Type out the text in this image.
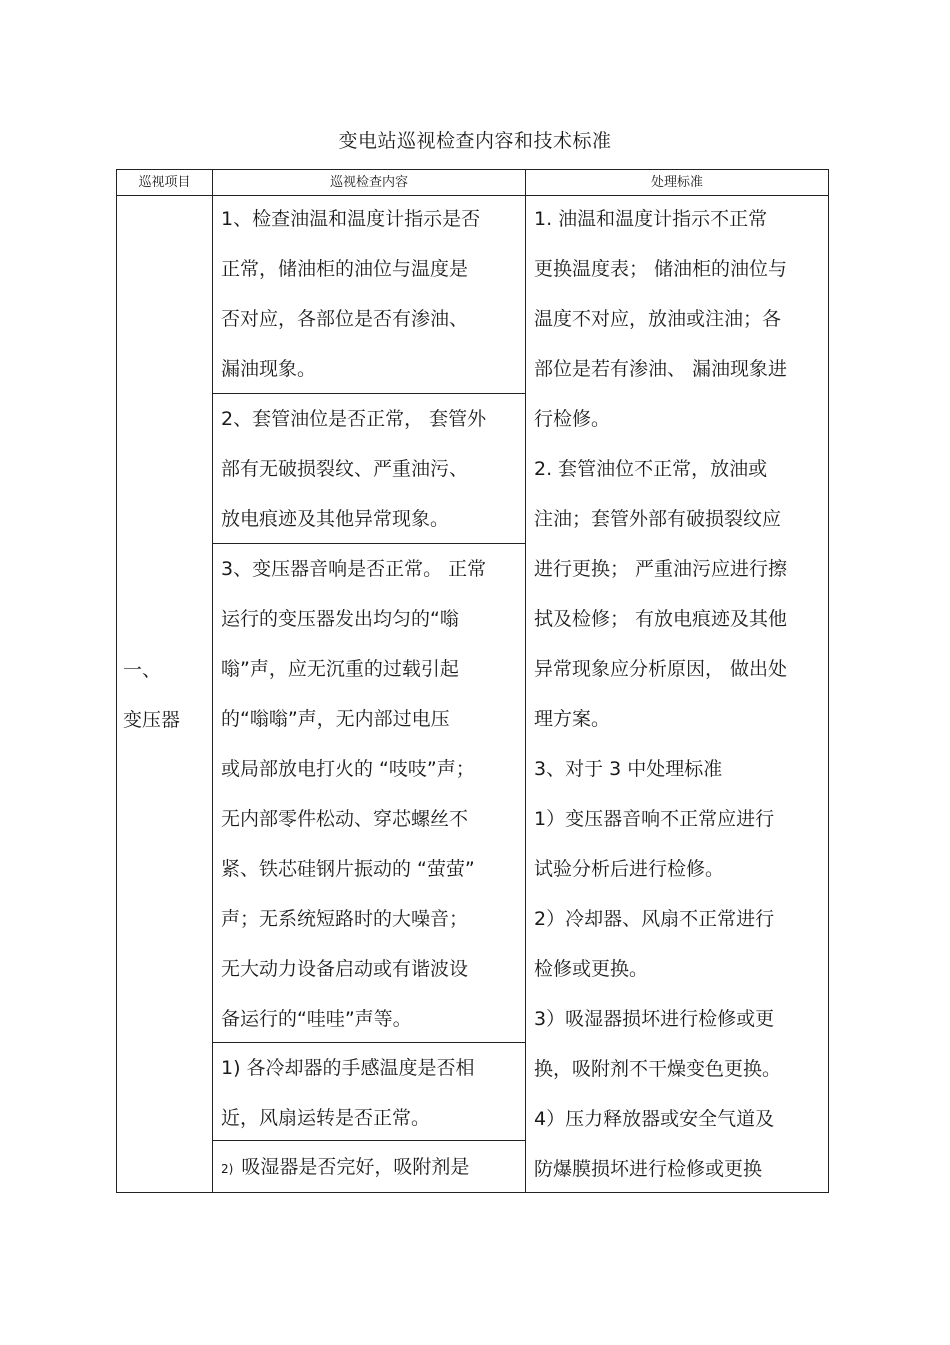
变电站巡视检查内容和技术标准
巡视项目	巡视检查内容	处理标准
一、
变压器
1、检查油温和温度计指示是否
正常，储油柜的油位与温度是
否对应，各部位是否有渗油、
漏油现象。
2、套管油位是否正常， 套管外
部有无破损裂纹、严重油污、
放电痕迹及其他异常现象。
3、变压器音响是否正常。 正常
运行的变压器发出均匀的“嗡
嗡”声，应无沉重的过载引起
的“嗡嗡”声，无内部过电压
或局部放电打火的 “吱吱”声；
无内部零件松动、穿芯螺丝不
紧、铁芯硅钢片振动的 “萤萤”
声；无系统短路时的大噪音；
无大动力设备启动或有谐波设
备运行的“哇哇”声等。
1) 各冷却器的手感温度是否相
近，风扇运转是否正常。
2) 吸湿器是否完好，吸附剂是
1. 油温和温度计指示不正常
更换温度表； 储油柜的油位与
温度不对应，放油或注油；各
部位是若有渗油、 漏油现象进
行检修。
2. 套管油位不正常，放油或
注油；套管外部有破损裂纹应
进行更换； 严重油污应进行擦
拭及检修； 有放电痕迹及其他
异常现象应分析原因， 做出处
理方案。
3、对于 3 中处理标准
1）变压器音响不正常应进行
试验分析后进行检修。
2）冷却器、风扇不正常进行
检修或更换。
3）吸湿器损坏进行检修或更
换，吸附剂不干燥变色更换。
4）压力释放器或安全气道及
防爆膜损坏进行检修或更换
